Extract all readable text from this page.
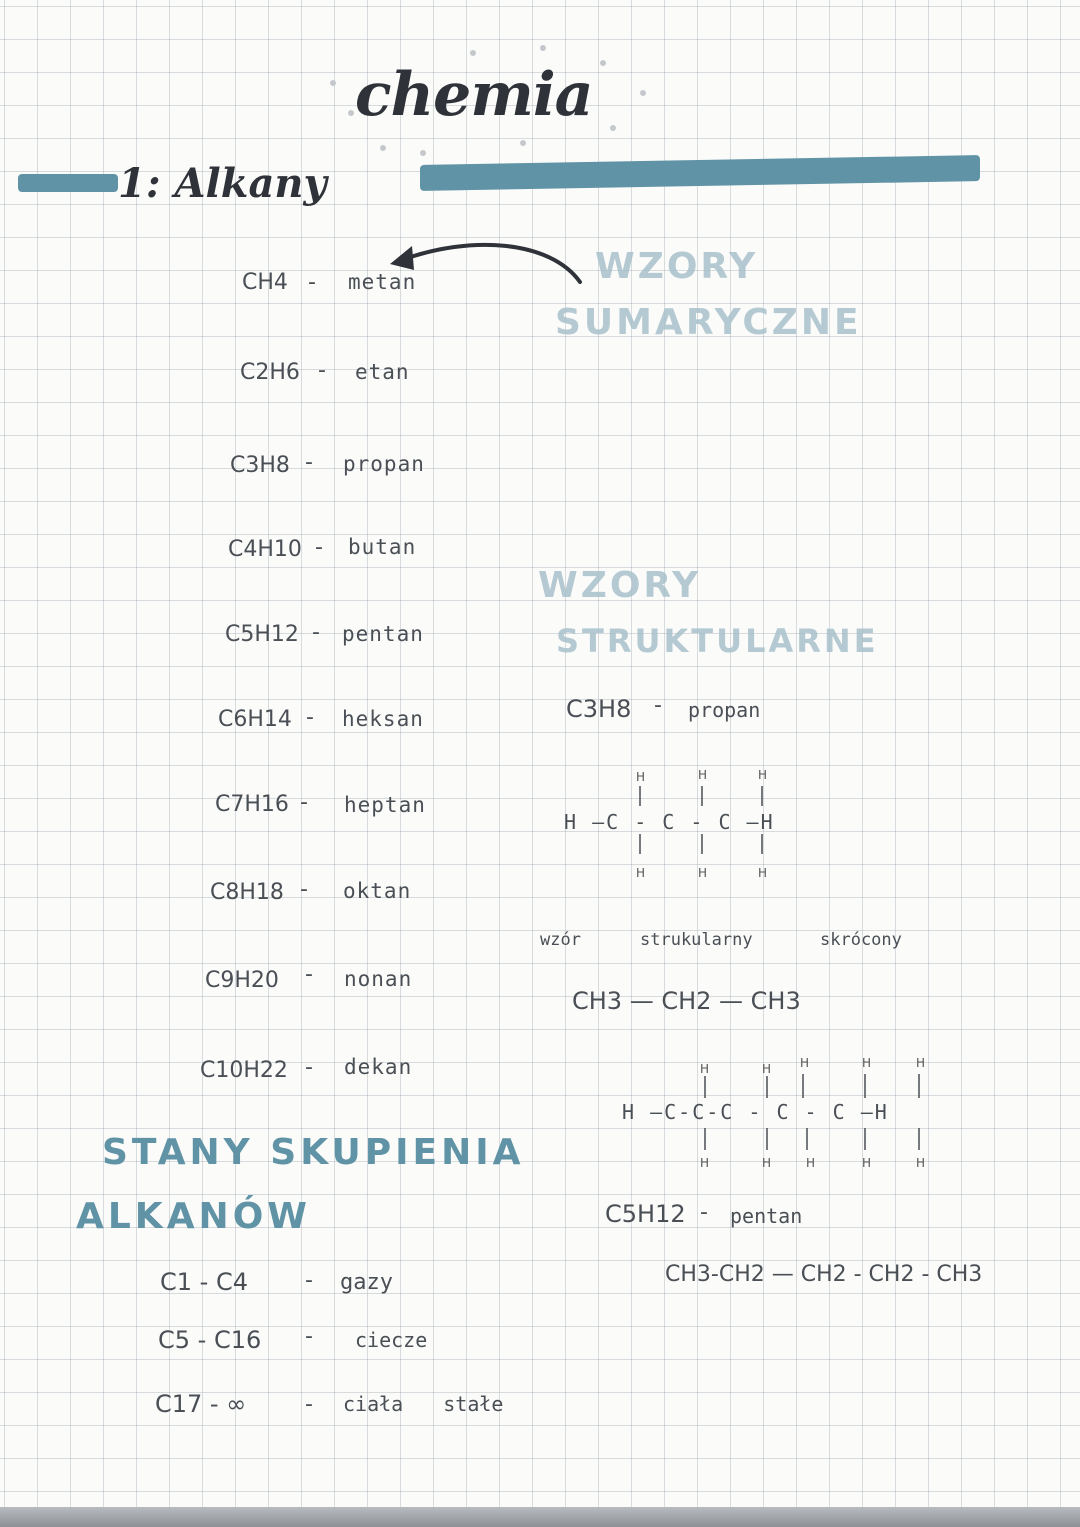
chemia
1: Alkany
CH4 - metan
C2H6 - etan
C3H8 - propan
C4H10 - butan
C5H12 - pentan
C6H14 - heksan
C7H16 - heptan
C8H18 - oktan
C9H20 - nonan
C10H22 - dekan
WZORY
SUMARYCZNE
WZORY
STRUKTULARNE
C3H8 - propan
H	H	H
H —C - C - C —H
H	H	H
wzór	strukularny	skrócony
CH3 — CH2 — CH3
H	H H	H	H
H —C-C-C - C - C —H
H	H	H	H	H
C5H12 - pentan
CH3-CH2 — CH2 - CH2 - CH3
STANY SKUPIENIA
ALKANÓW
C1 - C4	- gazy
C5 - C16 - ciecze
C17 - ∞	- ciała stałe
